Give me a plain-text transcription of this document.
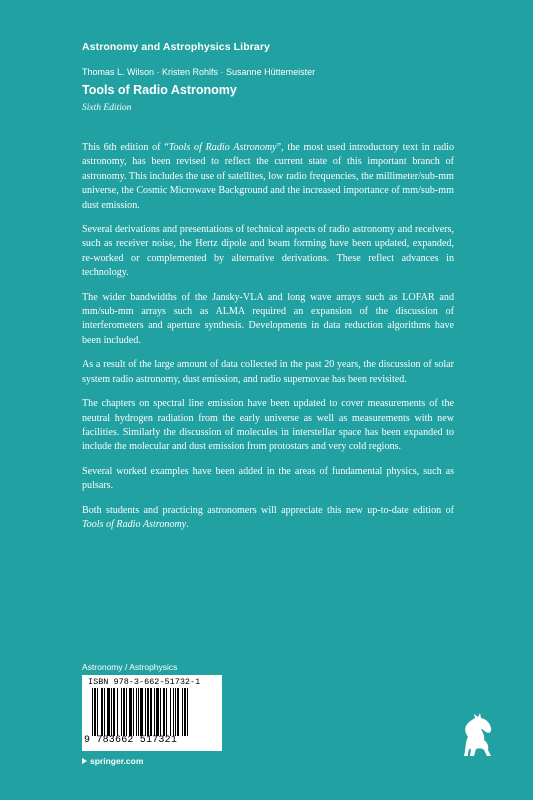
Astronomy and Astrophysics Library
Thomas L. Wilson · Kristen Rohlfs · Susanne Hüttemeister
Tools of Radio Astronomy
Sixth Edition

This 6th edition of “Tools of Radio Astronomy”, the most used introductory text in radio astronomy, has been revised to reflect the current state of this important branch of astronomy. This includes the use of satellites, low radio frequencies, the millimeter/sub-mm universe, the Cosmic Microwave Background and the increased importance of mm/sub-mm dust emission.

Several derivations and presentations of technical aspects of radio astronomy and receivers, such as receiver noise, the Hertz dipole and beam forming have been updated, expanded, re-worked or complemented by alternative derivations. These reflect advances in technology.

The wider bandwidths of the Jansky-VLA and long wave arrays such as LOFAR and mm/sub-mm arrays such as ALMA required an expansion of the discussion of interferometers and aperture synthesis. Developments in data reduction algorithms have been included.

As a result of the large amount of data collected in the past 20 years, the discussion of solar system radio astronomy, dust emission, and radio supernovae has been revisited.

The chapters on spectral line emission have been updated to cover measurements of the neutral hydrogen radiation from the early universe as well as measurements with new facilities. Similarly the discussion of molecules in interstellar space has been expanded to include the molecular and dust emission from protostars and very cold regions.

Several worked examples have been added in the areas of fundamental physics, such as pulsars.

Both students and practicing astronomers will appreciate this new up-to-date edition of Tools of Radio Astronomy.

Astronomy / Astrophysics
ISBN 978-3-662-51732-1
9 783662 517321
springer.com
